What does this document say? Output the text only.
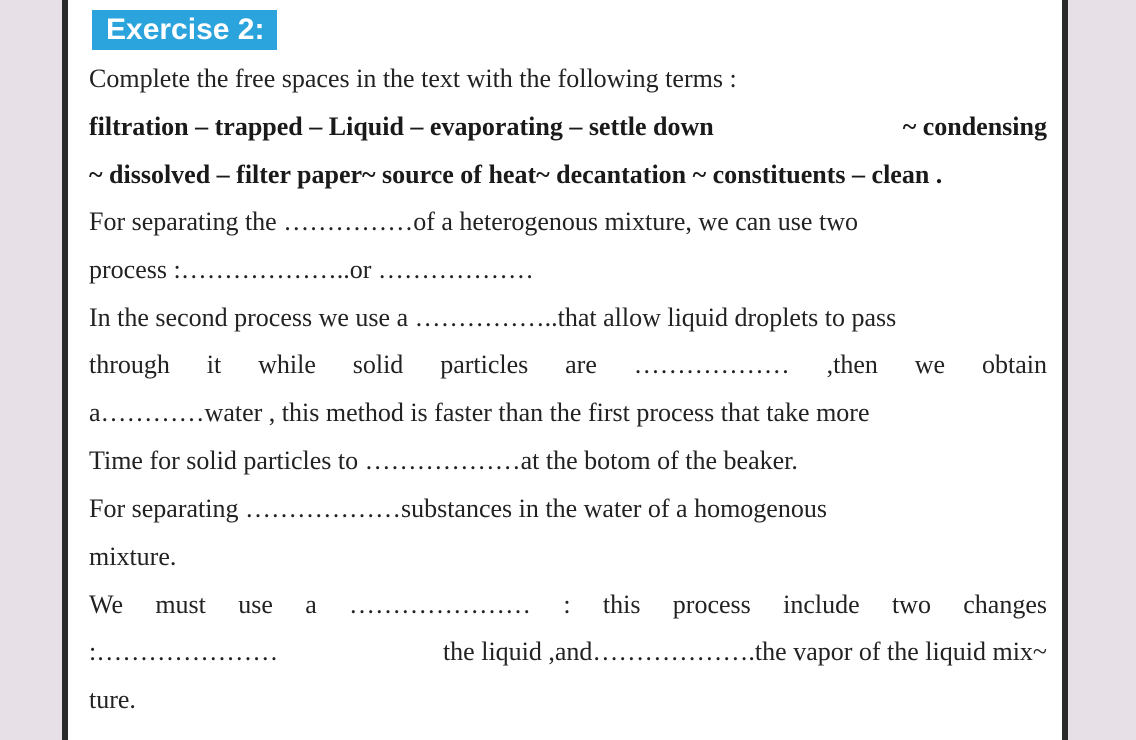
Exercise 2:
Complete the free spaces in the text with the following terms :
filtration – trapped – Liquid – evaporating – settle down	~ condensing
~ dissolved – filter paper~ source of heat~ decantation ~ constituents – clean .
For separating the ……………of a heterogenous mixture, we can use two
process :………………..or ………………
In the second process we use a ……………..that allow liquid droplets to pass
through it while solid particles are ……………… ,then we obtain
a…………water , this method is faster than the first process that take more
Time for solid particles to ………………at the botom of the beaker.
For separating ………………substances in the water of a homogenous
mixture.
We must use a ………………… : this process include two changes
:…………………	the liquid ,and……………….the vapor of the liquid mix~
ture.
